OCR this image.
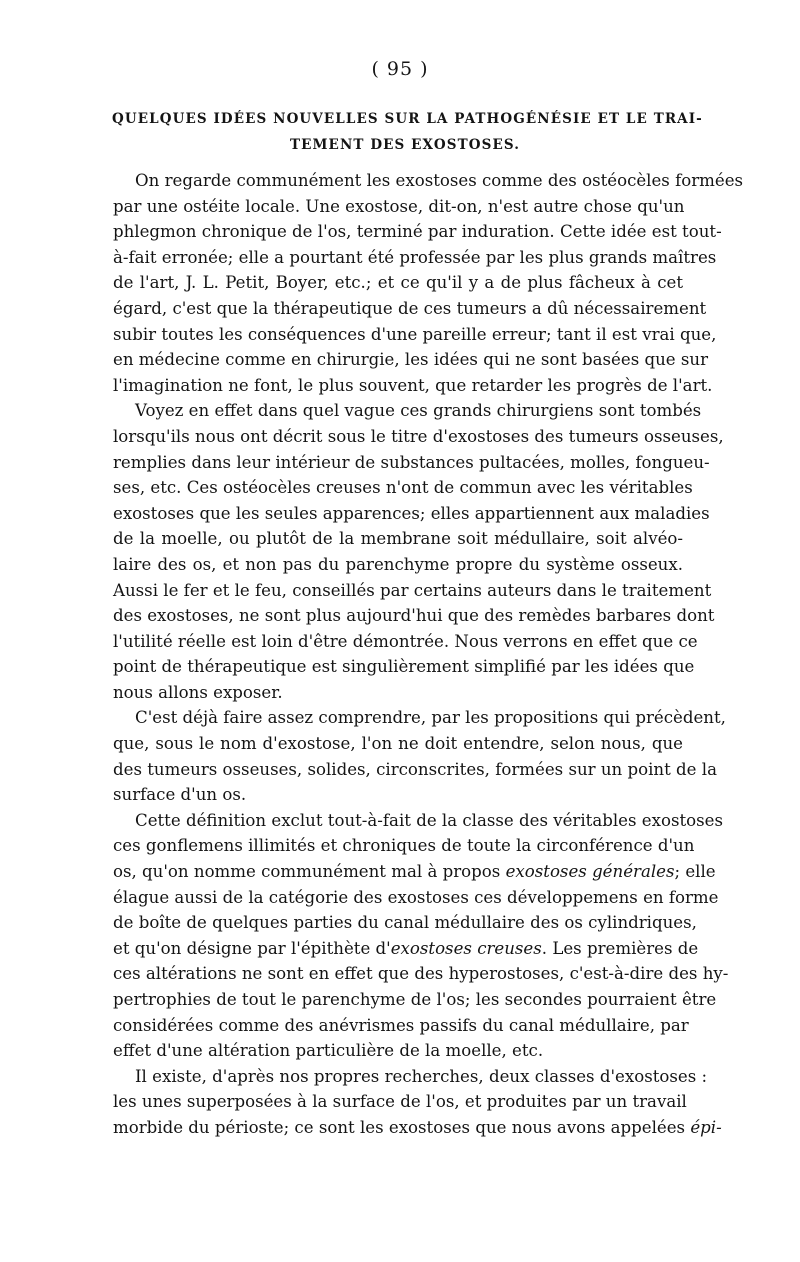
( 95 )
QUELQUES IDÉES NOUVELLES SUR LA PATHOGÉNÉSIE ET LE TRAI-
TEMENT DES EXOSTOSES.
On regarde communément les exostoses comme des ostéocèles formées
par une ostéite locale. Une exostose, dit-on, n'est autre chose qu'un
phlegmon chronique de l'os, terminé par induration. Cette idée est tout-
à-fait erronée; elle a pourtant été professée par les plus grands maîtres
de l'art, J. L. Petit, Boyer, etc.; et ce qu'il y a de plus fâcheux à cet
égard, c'est que la thérapeutique de ces tumeurs a dû nécessairement
subir toutes les conséquences d'une pareille erreur; tant il est vrai que,
en médecine comme en chirurgie, les idées qui ne sont basées que sur
l'imagination ne font, le plus souvent, que retarder les progrès de l'art.
Voyez en effet dans quel vague ces grands chirurgiens sont tombés
lorsqu'ils nous ont décrit sous le titre d'exostoses des tumeurs osseuses,
remplies dans leur intérieur de substances pultacées, molles, fongueu-
ses, etc. Ces ostéocèles creuses n'ont de commun avec les véritables
exostoses que les seules apparences; elles appartiennent aux maladies
de la moelle, ou plutôt de la membrane soit médullaire, soit alvéo-
laire des os, et non pas du parenchyme propre du système osseux.
Aussi le fer et le feu, conseillés par certains auteurs dans le traitement
des exostoses, ne sont plus aujourd'hui que des remèdes barbares dont
l'utilité réelle est loin d'être démontrée. Nous verrons en effet que ce
point de thérapeutique est singulièrement simplifié par les idées que
nous allons exposer.
C'est déjà faire assez comprendre, par les propositions qui précèdent,
que, sous le nom d'exostose, l'on ne doit entendre, selon nous, que
des tumeurs osseuses, solides, circonscrites, formées sur un point de la
surface d'un os.
Cette définition exclut tout-à-fait de la classe des véritables exostoses
ces gonflemens illimités et chroniques de toute la circonférence d'un
os, qu'on nomme communément mal à propos exostoses générales; elle
élague aussi de la catégorie des exostoses ces développemens en forme
de boîte de quelques parties du canal médullaire des os cylindriques,
et qu'on désigne par l'épithète d'exostoses creuses. Les premières de
ces altérations ne sont en effet que des hyperostoses, c'est-à-dire des hy-
pertrophies de tout le parenchyme de l'os; les secondes pourraient être
considérées comme des anévrismes passifs du canal médullaire, par
effet d'une altération particulière de la moelle, etc.
Il existe, d'après nos propres recherches, deux classes d'exostoses :
les unes superposées à la surface de l'os, et produites par un travail
morbide du périoste; ce sont les exostoses que nous avons appelées épi-
